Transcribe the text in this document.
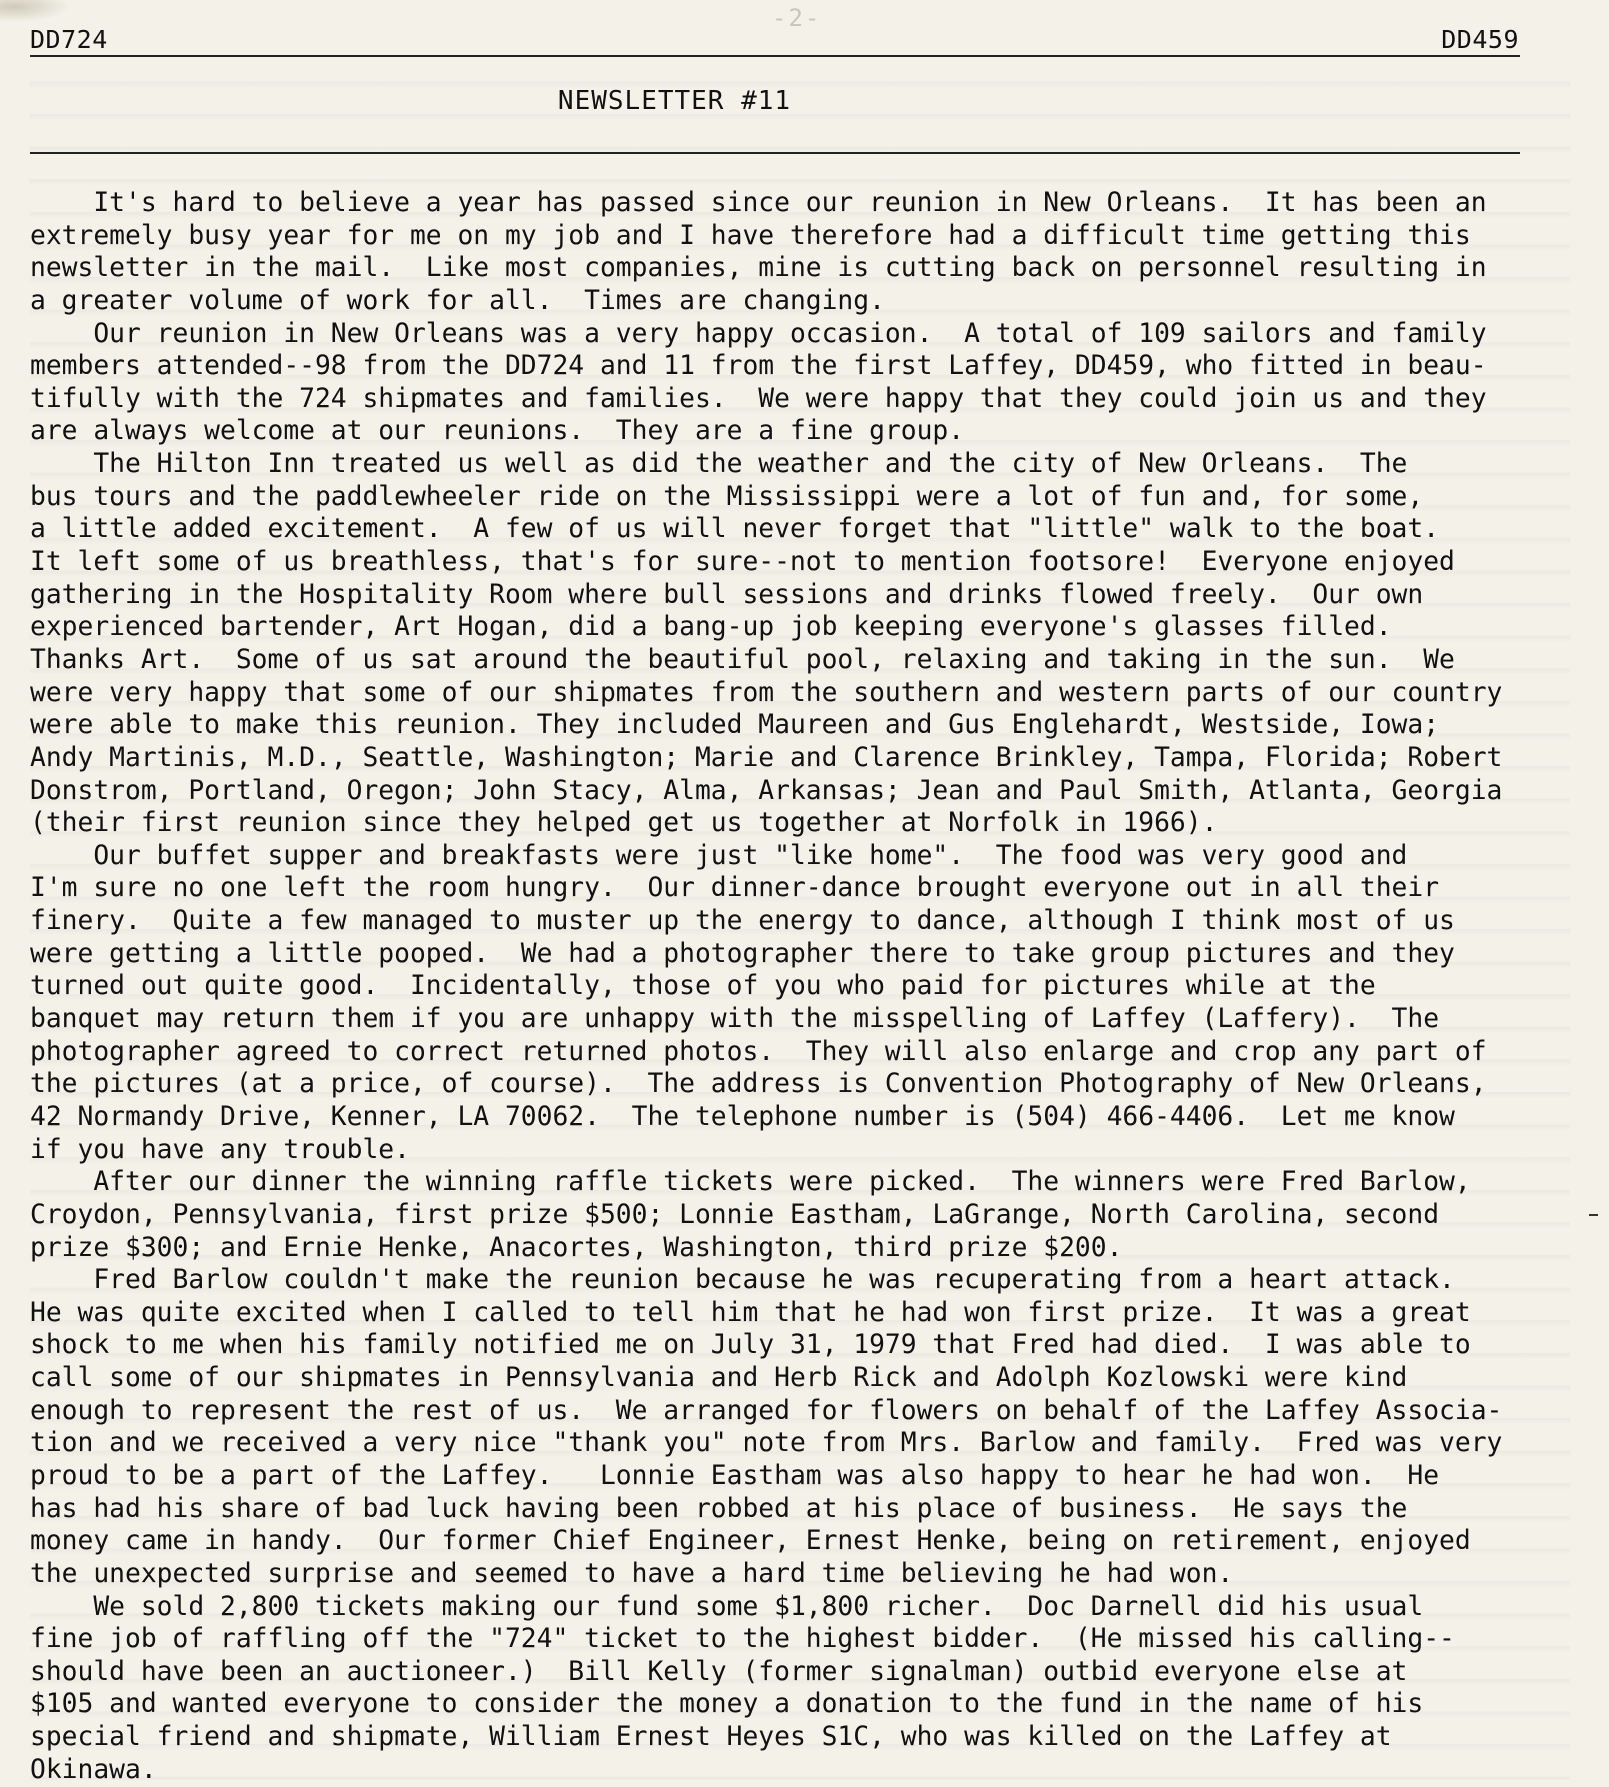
-2-
DD724	DD459
NEWSLETTER #11
It's hard to believe a year has passed since our reunion in New Orleans.  It has been an
extremely busy year for me on my job and I have therefore had a difficult time getting this
newsletter in the mail.  Like most companies, mine is cutting back on personnel resulting in
a greater volume of work for all.  Times are changing.
Our reunion in New Orleans was a very happy occasion.  A total of 109 sailors and family
members attended--98 from the DD724 and 11 from the first Laffey, DD459, who fitted in beau-
tifully with the 724 shipmates and families.  We were happy that they could join us and they
are always welcome at our reunions.  They are a fine group.
The Hilton Inn treated us well as did the weather and the city of New Orleans.  The
bus tours and the paddlewheeler ride on the Mississippi were a lot of fun and, for some,
a little added excitement.  A few of us will never forget that "little" walk to the boat.
It left some of us breathless, that's for sure--not to mention footsore!  Everyone enjoyed
gathering in the Hospitality Room where bull sessions and drinks flowed freely.  Our own
experienced bartender, Art Hogan, did a bang-up job keeping everyone's glasses filled.
Thanks Art.  Some of us sat around the beautiful pool, relaxing and taking in the sun.  We
were very happy that some of our shipmates from the southern and western parts of our country
were able to make this reunion. They included Maureen and Gus Englehardt, Westside, Iowa;
Andy Martinis, M.D., Seattle, Washington; Marie and Clarence Brinkley, Tampa, Florida; Robert
Donstrom, Portland, Oregon; John Stacy, Alma, Arkansas; Jean and Paul Smith, Atlanta, Georgia
(their first reunion since they helped get us together at Norfolk in 1966).
Our buffet supper and breakfasts were just "like home".  The food was very good and
I'm sure no one left the room hungry.  Our dinner-dance brought everyone out in all their
finery.  Quite a few managed to muster up the energy to dance, although I think most of us
were getting a little pooped.  We had a photographer there to take group pictures and they
turned out quite good.  Incidentally, those of you who paid for pictures while at the
banquet may return them if you are unhappy with the misspelling of Laffey (Laffery).  The
photographer agreed to correct returned photos.  They will also enlarge and crop any part of
the pictures (at a price, of course).  The address is Convention Photography of New Orleans,
42 Normandy Drive, Kenner, LA 70062.  The telephone number is (504) 466-4406.  Let me know
if you have any trouble.
After our dinner the winning raffle tickets were picked.  The winners were Fred Barlow,
Croydon, Pennsylvania, first prize $500; Lonnie Eastham, LaGrange, North Carolina, second
prize $300; and Ernie Henke, Anacortes, Washington, third prize $200.
Fred Barlow couldn't make the reunion because he was recuperating from a heart attack.
He was quite excited when I called to tell him that he had won first prize.  It was a great
shock to me when his family notified me on July 31, 1979 that Fred had died.  I was able to
call some of our shipmates in Pennsylvania and Herb Rick and Adolph Kozlowski were kind
enough to represent the rest of us.  We arranged for flowers on behalf of the Laffey Associa-
tion and we received a very nice "thank you" note from Mrs. Barlow and family.  Fred was very
proud to be a part of the Laffey.   Lonnie Eastham was also happy to hear he had won.  He
has had his share of bad luck having been robbed at his place of business.  He says the
money came in handy.  Our former Chief Engineer, Ernest Henke, being on retirement, enjoyed
the unexpected surprise and seemed to have a hard time believing he had won.
We sold 2,800 tickets making our fund some $1,800 richer.  Doc Darnell did his usual
fine job of raffling off the "724" ticket to the highest bidder.  (He missed his calling--
should have been an auctioneer.)  Bill Kelly (former signalman) outbid everyone else at
$105 and wanted everyone to consider the money a donation to the fund in the name of his
special friend and shipmate, William Ernest Heyes S1C, who was killed on the Laffey at
Okinawa.
